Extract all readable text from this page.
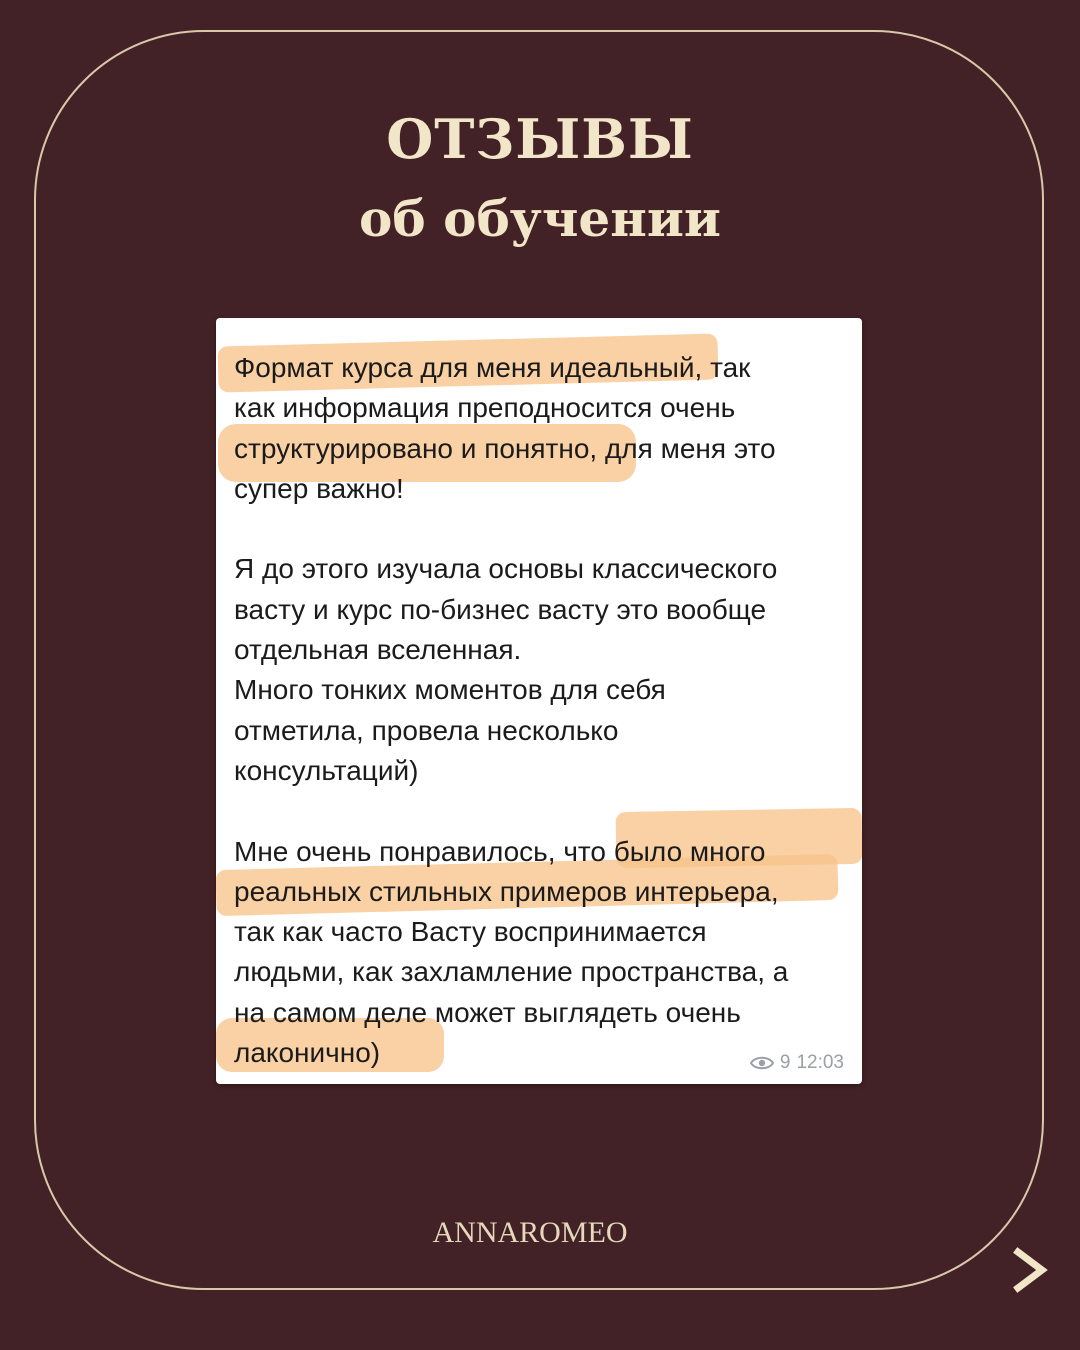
ОТЗЫВЫ
об обучении

Формат курса для меня идеальный, так
как информация преподносится очень
структурировано и понятно, для меня это
супер важно!

Я до этого изучала основы классического
васту и курс по-бизнес васту это вообще
отдельная вселенная.
Много тонких моментов для себя
отметила, провела несколько
консультаций)

Мне очень понравилось, что было много
реальных стильных примеров интерьера,
так как часто Васту воспринимается
людьми, как захламление пространства, а
на самом деле может выглядеть очень
лаконично)	9 12:03

ANNAROMEO
